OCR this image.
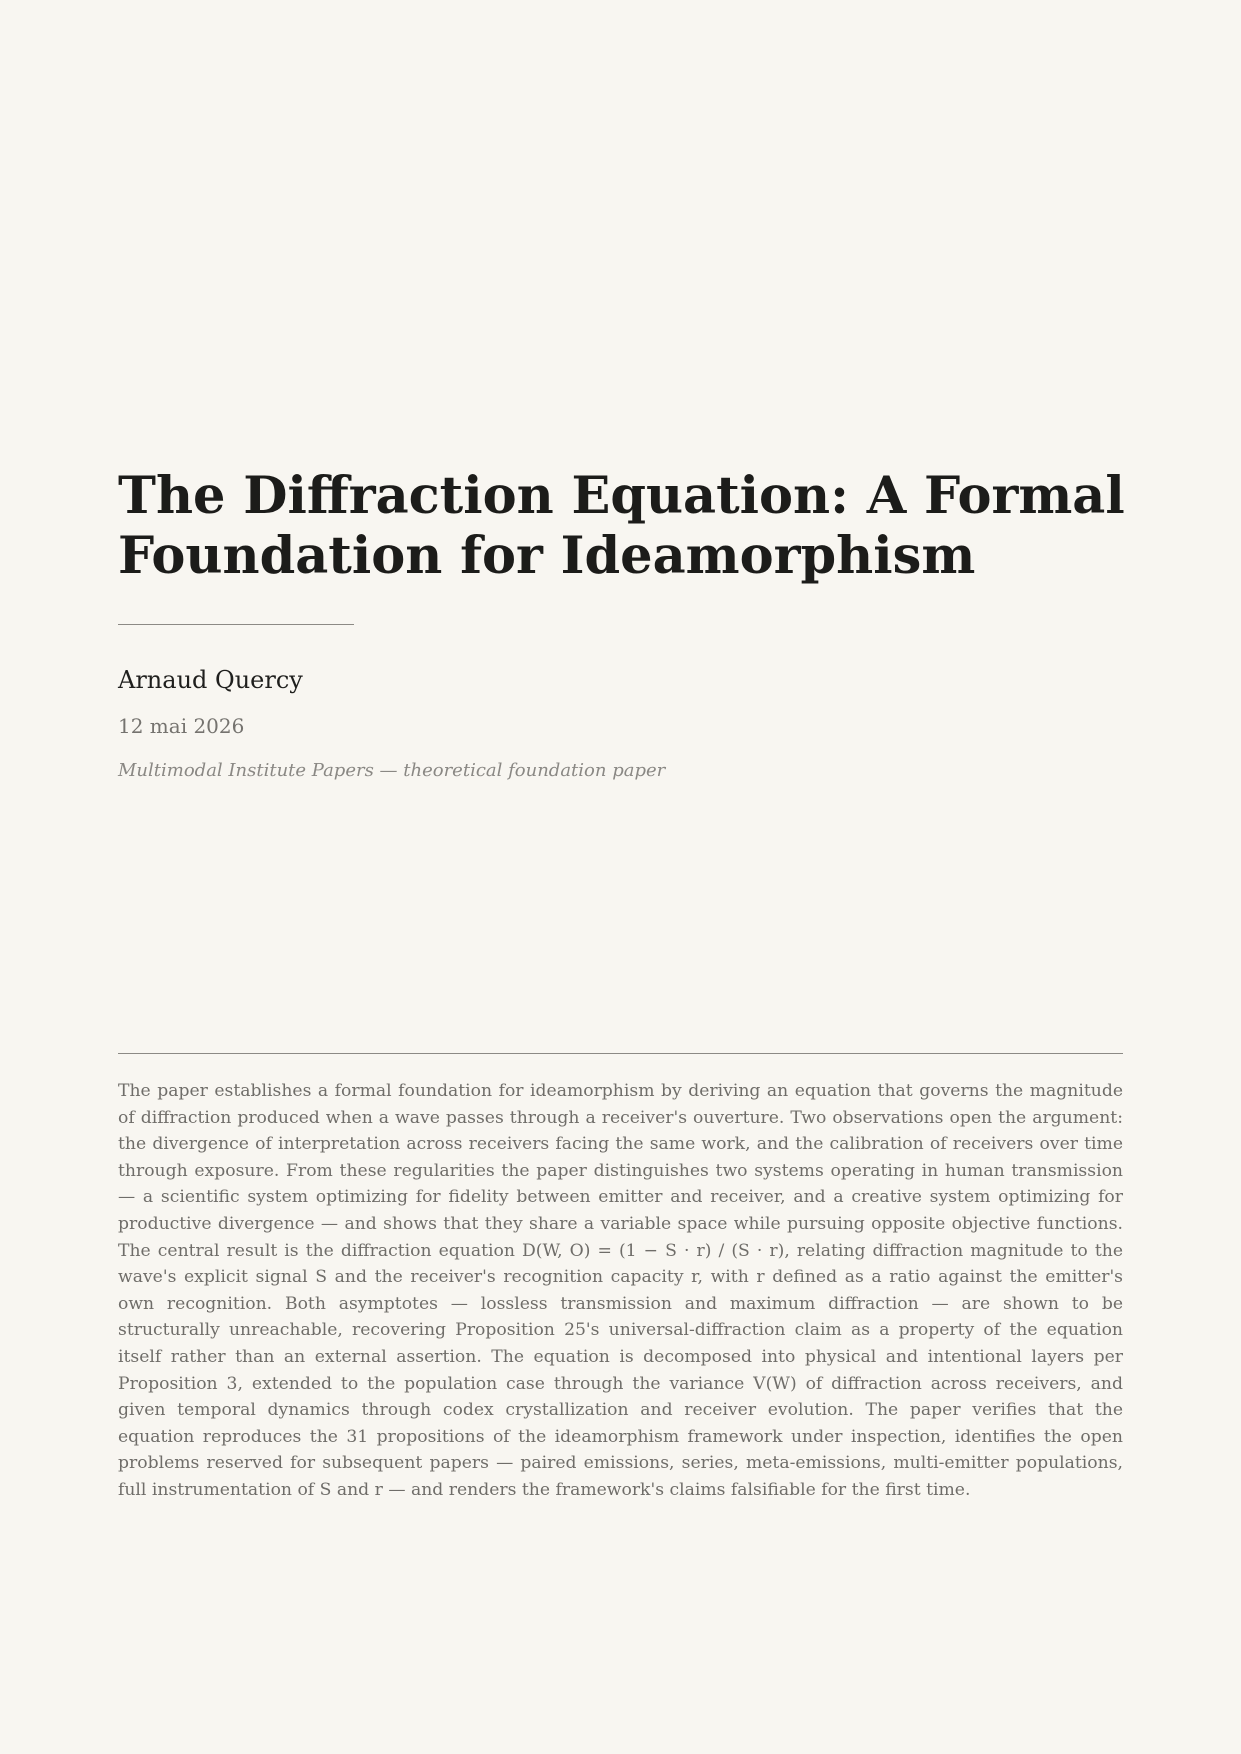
The Diffraction Equation: A Formal Foundation for Ideamorphism
Arnaud Quercy
12 mai 2026
Multimodal Institute Papers — theoretical foundation paper

The paper establishes a formal foundation for ideamorphism by deriving an equation that governs the magnitude of diffraction produced when a wave passes through a receiver's ouverture. Two observations open the argument: the divergence of interpretation across receivers facing the same work, and the calibration of receivers over time through exposure. From these regularities the paper distinguishes two systems operating in human transmission — a scientific system optimizing for fidelity between emitter and receiver, and a creative system optimizing for productive divergence — and shows that they share a variable space while pursuing opposite objective functions. The central result is the diffraction equation D(W, O) = (1 − S · r) / (S · r), relating diffraction magnitude to the wave's explicit signal S and the receiver's recognition capacity r, with r defined as a ratio against the emitter's own recognition. Both asymptotes — lossless transmission and maximum diffraction — are shown to be structurally unreachable, recovering Proposition 25's universal-diffraction claim as a property of the equation itself rather than an external assertion. The equation is decomposed into physical and intentional layers per Proposition 3, extended to the population case through the variance V(W) of diffraction across receivers, and given temporal dynamics through codex crystallization and receiver evolution. The paper verifies that the equation reproduces the 31 propositions of the ideamorphism framework under inspection, identifies the open problems reserved for subsequent papers — paired emissions, series, meta-emissions, multi-emitter populations, full instrumentation of S and r — and renders the framework's claims falsifiable for the first time.
